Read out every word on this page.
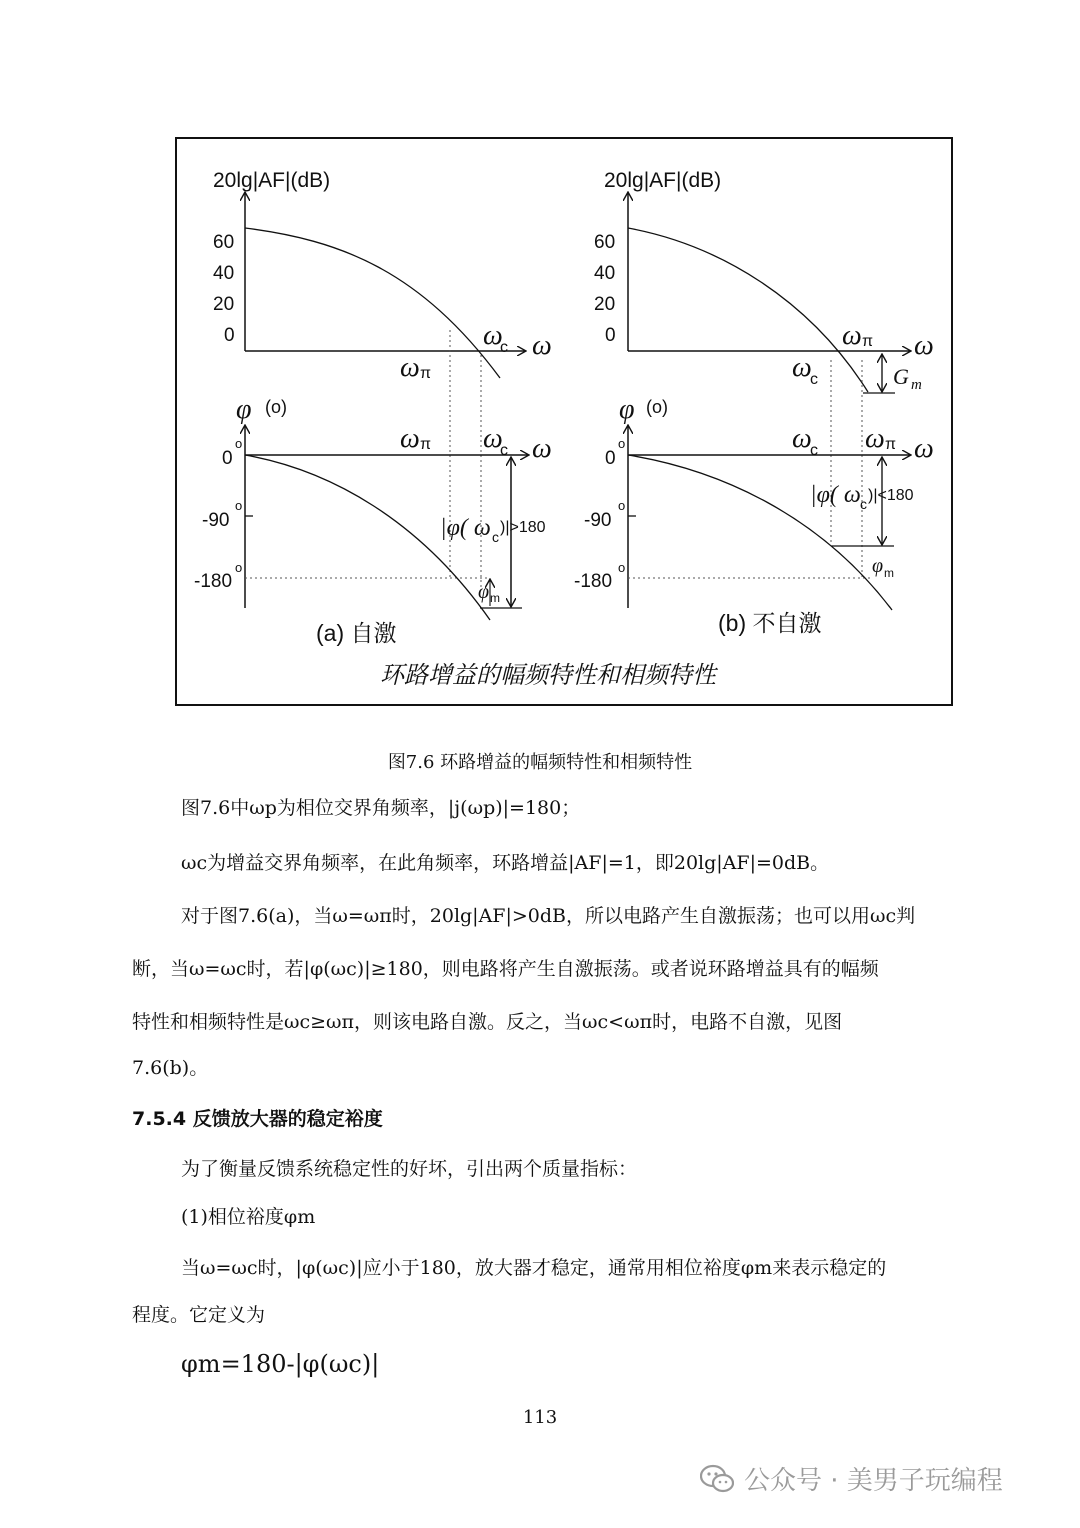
20lg|AF|(dB)
60
40
20
0	ω
c ω
ω π
φ (o)
ω π ω
c ω
0
o
-90
o
-180
o
|φ( ω c
)|>180
φ m
(a) 自激
20lg|AF|(dB)
60
40
20
0	ω π ω
ω
c	G m
φ (o)
ω
c ω π ω
0
o
-90
o
-180
o
|φ( ω c )|<180
φ m
(b) 不自激
环路增益的幅频特性和相频特性
图7.6 环路增益的幅频特性和相频特性
图7.6中ωp为相位交界角频率，|j(ωp)|=180；
ωc为增益交界角频率，在此角频率，环路增益|AF|=1，即20lg|AF|=0dB。
对于图7.6(a)，当ω=ωπ时，20lg|AF|>0dB，所以电路产生自激振荡；也可以用ωc判
断，当ω=ωc时，若|φ(ωc)|≥180，则电路将产生自激振荡。或者说环路增益具有的幅频
特性和相频特性是ωc≥ωπ，则该电路自激。反之，当ωc<ωπ时，电路不自激，见图
7.6(b)。
7.5.4 反馈放大器的稳定裕度
为了衡量反馈系统稳定性的好坏，引出两个质量指标：
(1)相位裕度φm
当ω=ωc时，|φ(ωc)|应小于180，放大器才稳定，通常用相位裕度φm来表示稳定的
程度。它定义为
φm=180-|φ(ωc)|
113
公众号 · 美男子玩编程
